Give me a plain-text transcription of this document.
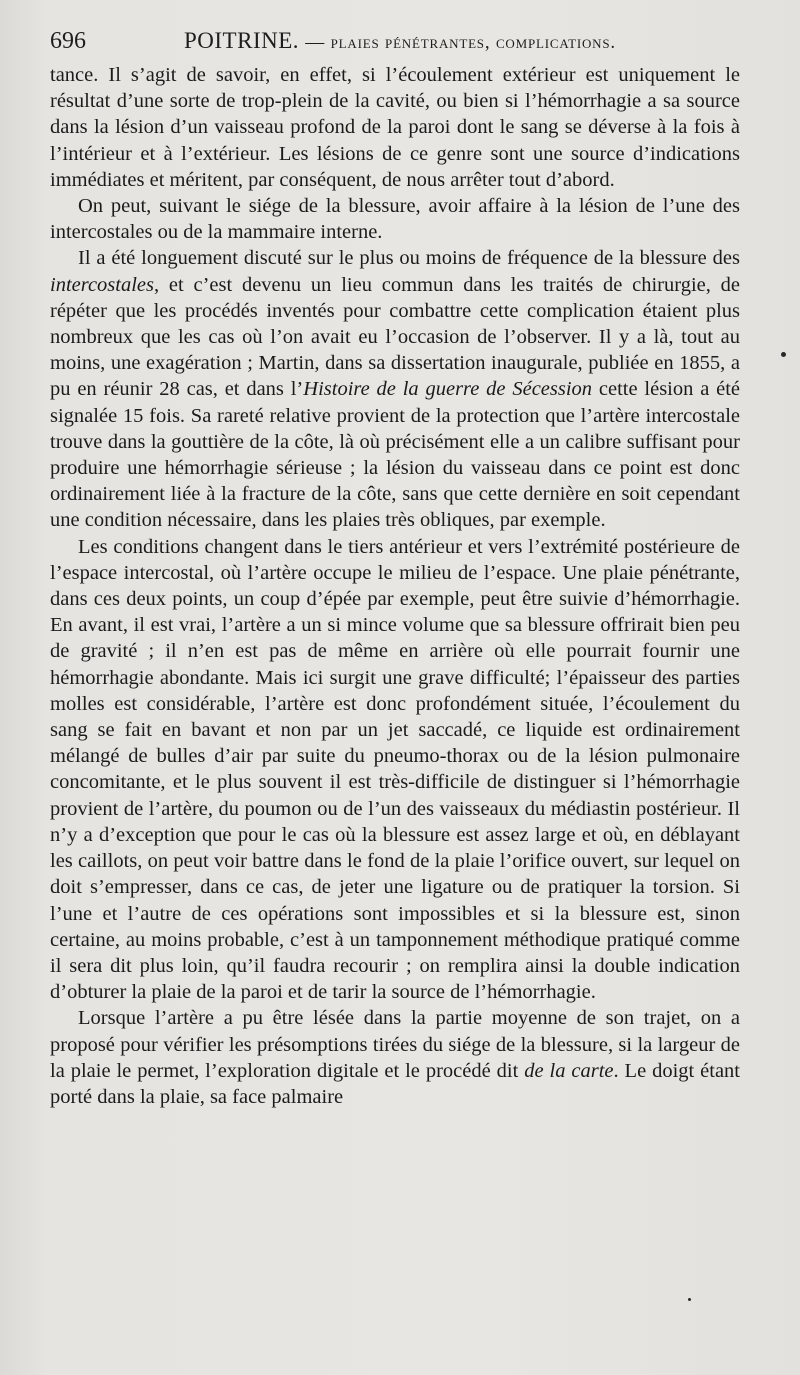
696	POITRINE. — plaies pénétrantes, complications.

tance. Il s’agit de savoir, en effet, si l’écoulement extérieur est uniquement le résultat d’une sorte de trop-plein de la cavité, ou bien si l’hémorrhagie a sa source dans la lésion d’un vaisseau profond de la paroi dont le sang se déverse à la fois à l’intérieur et à l’extérieur. Les lésions de ce genre sont une source d’indications immédiates et méritent, par conséquent, de nous arrêter tout d’abord.

On peut, suivant le siége de la blessure, avoir affaire à la lésion de l’une des intercostales ou de la mammaire interne.

Il a été longuement discuté sur le plus ou moins de fréquence de la blessure des intercostales, et c’est devenu un lieu commun dans les traités de chirurgie, de répéter que les procédés inventés pour combattre cette complication étaient plus nombreux que les cas où l’on avait eu l’occasion de l’observer. Il y a là, tout au moins, une exagération ; Martin, dans sa dissertation inaugurale, publiée en 1855, a pu en réunir 28 cas, et dans l’Histoire de la guerre de Sécession cette lésion a été signalée 15 fois. Sa rareté relative provient de la protection que l’artère intercostale trouve dans la gouttière de la côte, là où précisément elle a un calibre suffisant pour produire une hémorrhagie sérieuse ; la lésion du vaisseau dans ce point est donc ordinairement liée à la fracture de la côte, sans que cette dernière en soit cependant une condition nécessaire, dans les plaies très obliques, par exemple.

Les conditions changent dans le tiers antérieur et vers l’extrémité postérieure de l’espace intercostal, où l’artère occupe le milieu de l’espace. Une plaie pénétrante, dans ces deux points, un coup d’épée par exemple, peut être suivie d’hémorrhagie. En avant, il est vrai, l’artère a un si mince volume que sa blessure offrirait bien peu de gravité ; il n’en est pas de même en arrière où elle pourrait fournir une hémorrhagie abondante. Mais ici surgit une grave difficulté; l’épaisseur des parties molles est considérable, l’artère est donc profondément située, l’écoulement du sang se fait en bavant et non par un jet saccadé, ce liquide est ordinairement mélangé de bulles d’air par suite du pneumo-thorax ou de la lésion pulmonaire concomitante, et le plus souvent il est très-difficile de distinguer si l’hémorrhagie provient de l’artère, du poumon ou de l’un des vaisseaux du médiastin postérieur. Il n’y a d’exception que pour le cas où la blessure est assez large et où, en déblayant les caillots, on peut voir battre dans le fond de la plaie l’orifice ouvert, sur lequel on doit s’empresser, dans ce cas, de jeter une ligature ou de pratiquer la torsion. Si l’une et l’autre de ces opérations sont impossibles et si la blessure est, sinon certaine, au moins probable, c’est à un tamponnement méthodique pratiqué comme il sera dit plus loin, qu’il faudra recourir ; on remplira ainsi la double indication d’obturer la plaie de la paroi et de tarir la source de l’hémorrhagie.

Lorsque l’artère a pu être lésée dans la partie moyenne de son trajet, on a proposé pour vérifier les présomptions tirées du siége de la blessure, si la largeur de la plaie le permet, l’exploration digitale et le procédé dit de la carte. Le doigt étant porté dans la plaie, sa face palmaire
